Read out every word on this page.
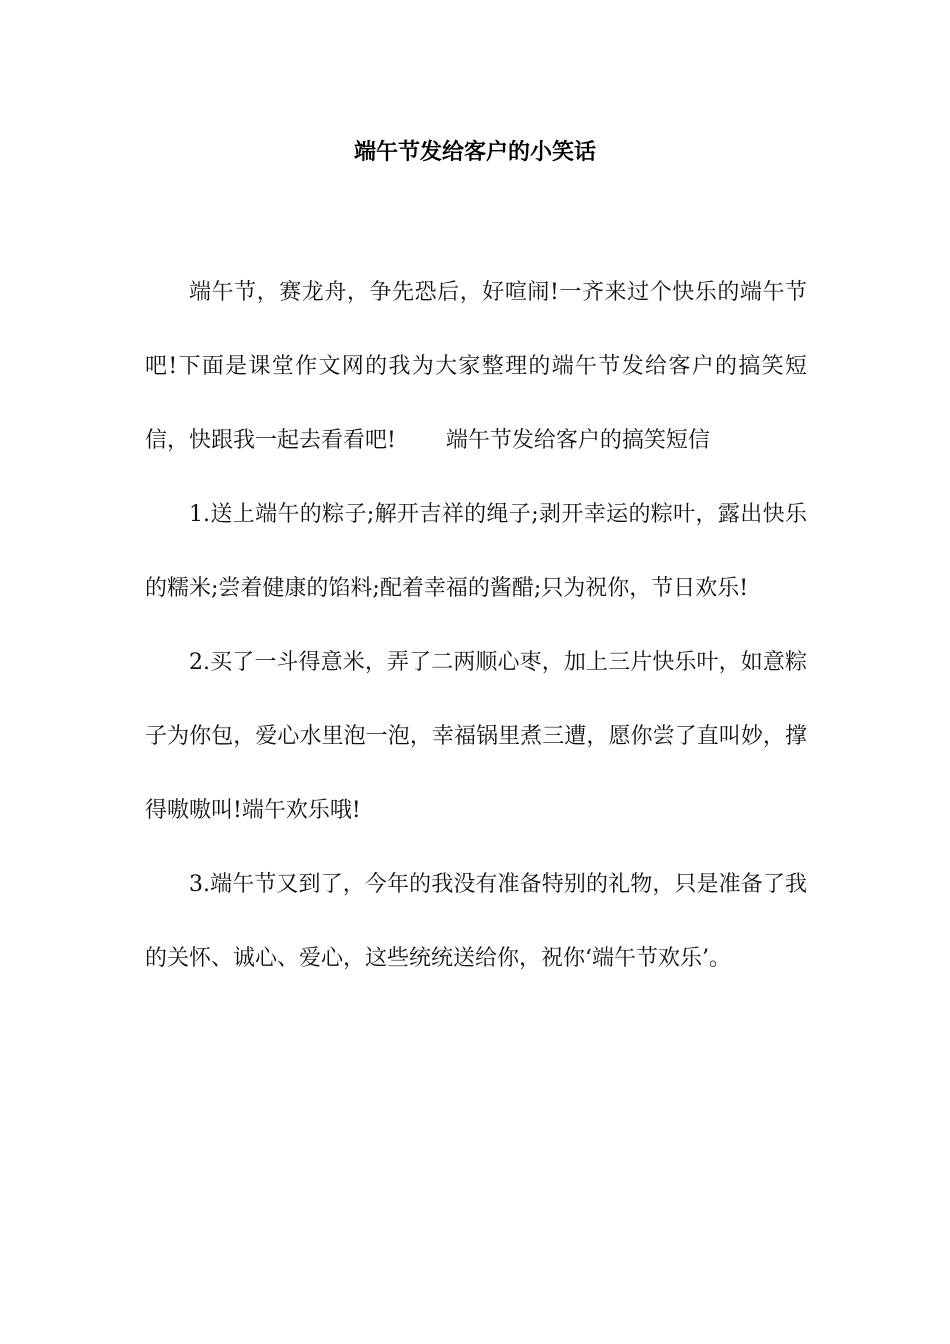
端午节发给客户的小笑话

端午节，赛龙舟，争先恐后，好喧闹!一齐来过个快乐的端午节吧!下面是课堂作文网的我为大家整理的端午节发给客户的搞笑短信，快跟我一起去看看吧! 端午节发给客户的搞笑短信

1.送上端午的粽子;解开吉祥的绳子;剥开幸运的粽叶，露出快乐的糯米;尝着健康的馅料;配着幸福的酱醋;只为祝你，节日欢乐!

2.买了一斗得意米，弄了二两顺心枣，加上三片快乐叶，如意粽子为你包，爱心水里泡一泡，幸福锅里煮三遭，愿你尝了直叫妙，撑得嗷嗷叫!端午欢乐哦!

3.端午节又到了，今年的我没有准备特别的礼物，只是准备了我的关怀、诚心、爱心，这些统统送给你，祝你‘端午节欢乐’。
